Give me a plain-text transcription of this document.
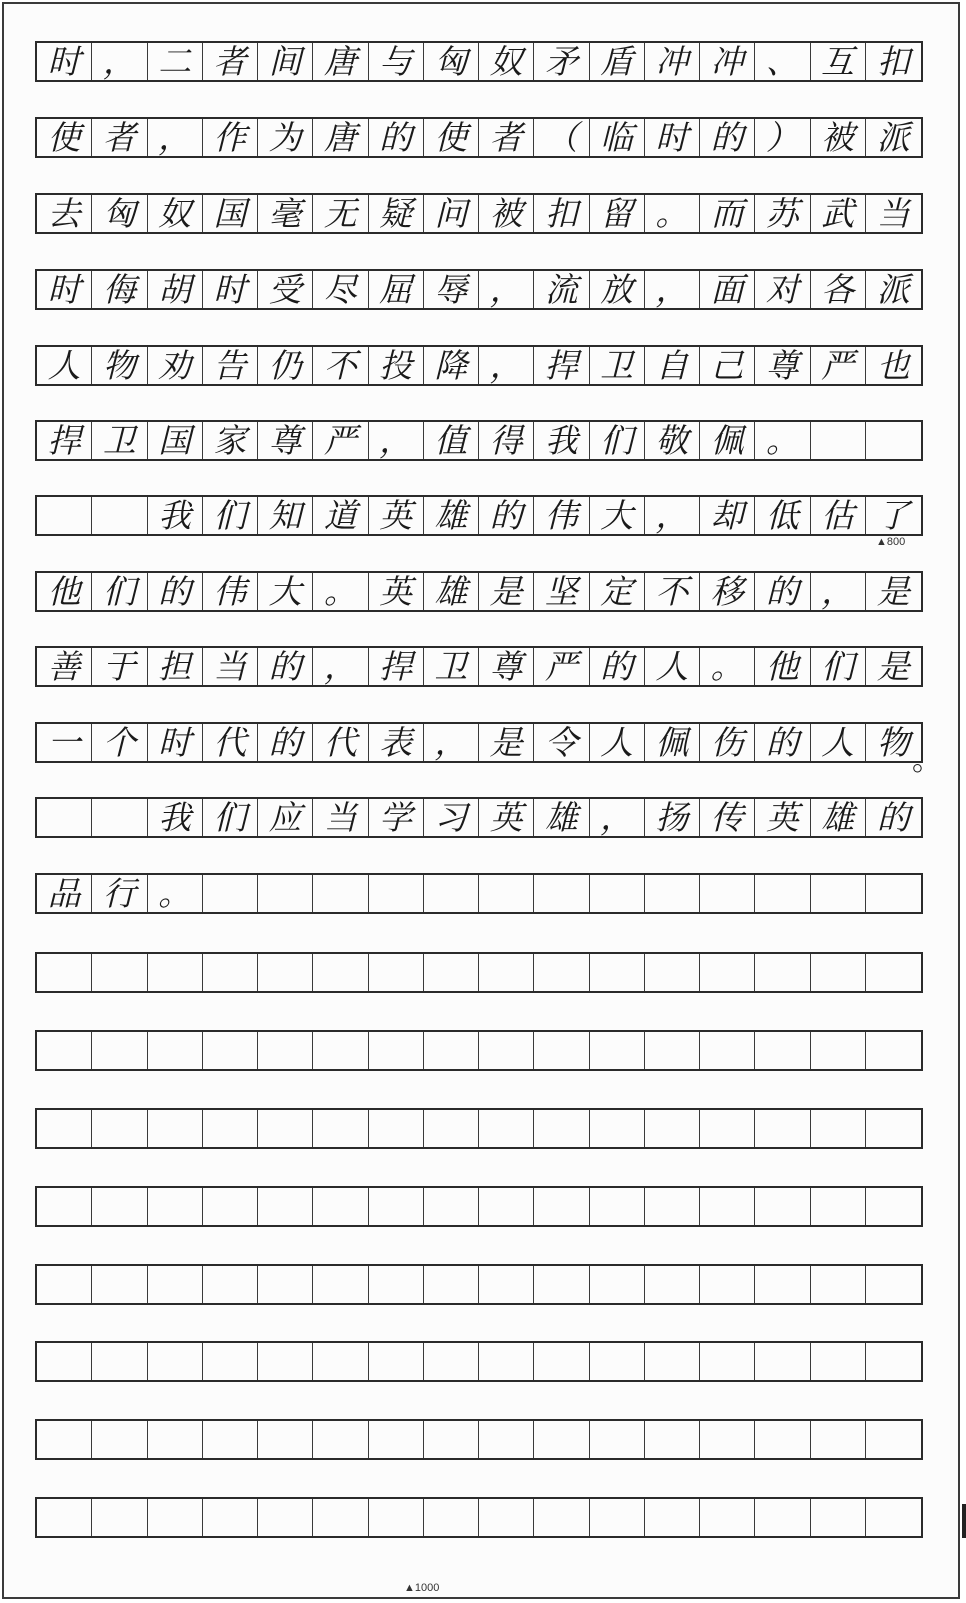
时 ， 二 者 间 唐 与 匈 奴 矛 盾 冲 冲 、 互 扣
使 者 ， 作 为 唐 的 使 者 （ 临 时 的 ） 被 派
去 匈 奴 国 毫 无 疑 问 被 扣 留 。 而 苏 武 当
时 侮 胡 时 受 尽 屈 辱 ， 流 放 ， 面 对 各 派
人 物 劝 告 仍 不 投 降 ， 捍 卫 自 己 尊 严 也
捍 卫 国 家 尊 严 ， 值 得 我 们 敬 佩 。

我 们 知 道 英 雄 的 伟 大 ， 却 低 估 了
他 们 的 伟 大 。 英 雄 是 坚 定 不 移 的 ， 是
善 于 担 当 的 ， 捍 卫 尊 严 的 人 。 他 们 是
一 个 时 代 的 代 表 ， 是 令 人 佩 伤 的 人 物

我 们 应 当 学 习 英 雄 ， 扬 传 英 雄 的
品 行 。
▲800
▲1000
。
